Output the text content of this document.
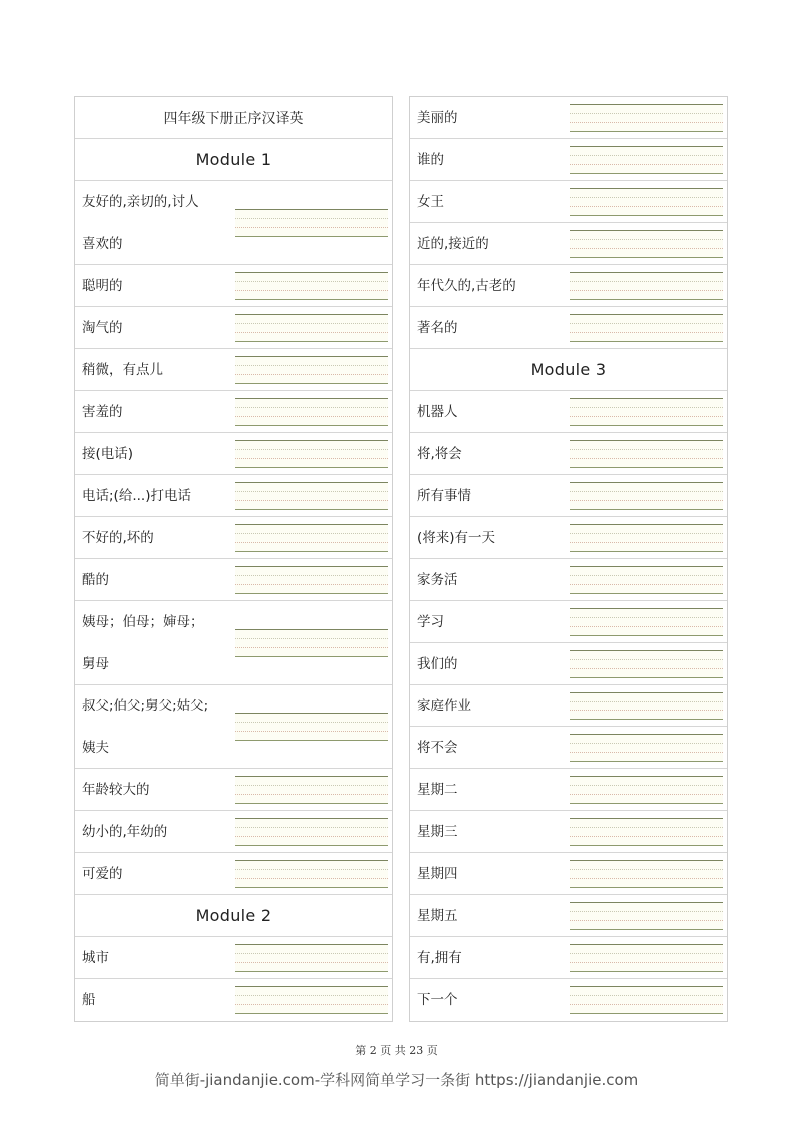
四年级下册正序汉译英
Module 1
友好的,亲切的,讨人
喜欢的
聪明的
淘气的
稍微，有点儿
害羞的
接(电话)
电话;(给...)打电话
不好的,坏的
酷的
姨母；伯母；婶母；
舅母
叔父;伯父;舅父;姑父;
姨夫
年龄较大的
幼小的,年幼的
可爱的
Module 2
城市
船
美丽的
谁的
女王
近的,接近的
年代久的,古老的
著名的
Module 3
机器人
将,将会
所有事情
(将来)有一天
家务活
学习
我们的
家庭作业
将不会
星期二
星期三
星期四
星期五
有,拥有
下一个
第 2 页 共 23 页
简单街-jiandanjie.com-学科网简单学习一条街 https://jiandanjie.com
